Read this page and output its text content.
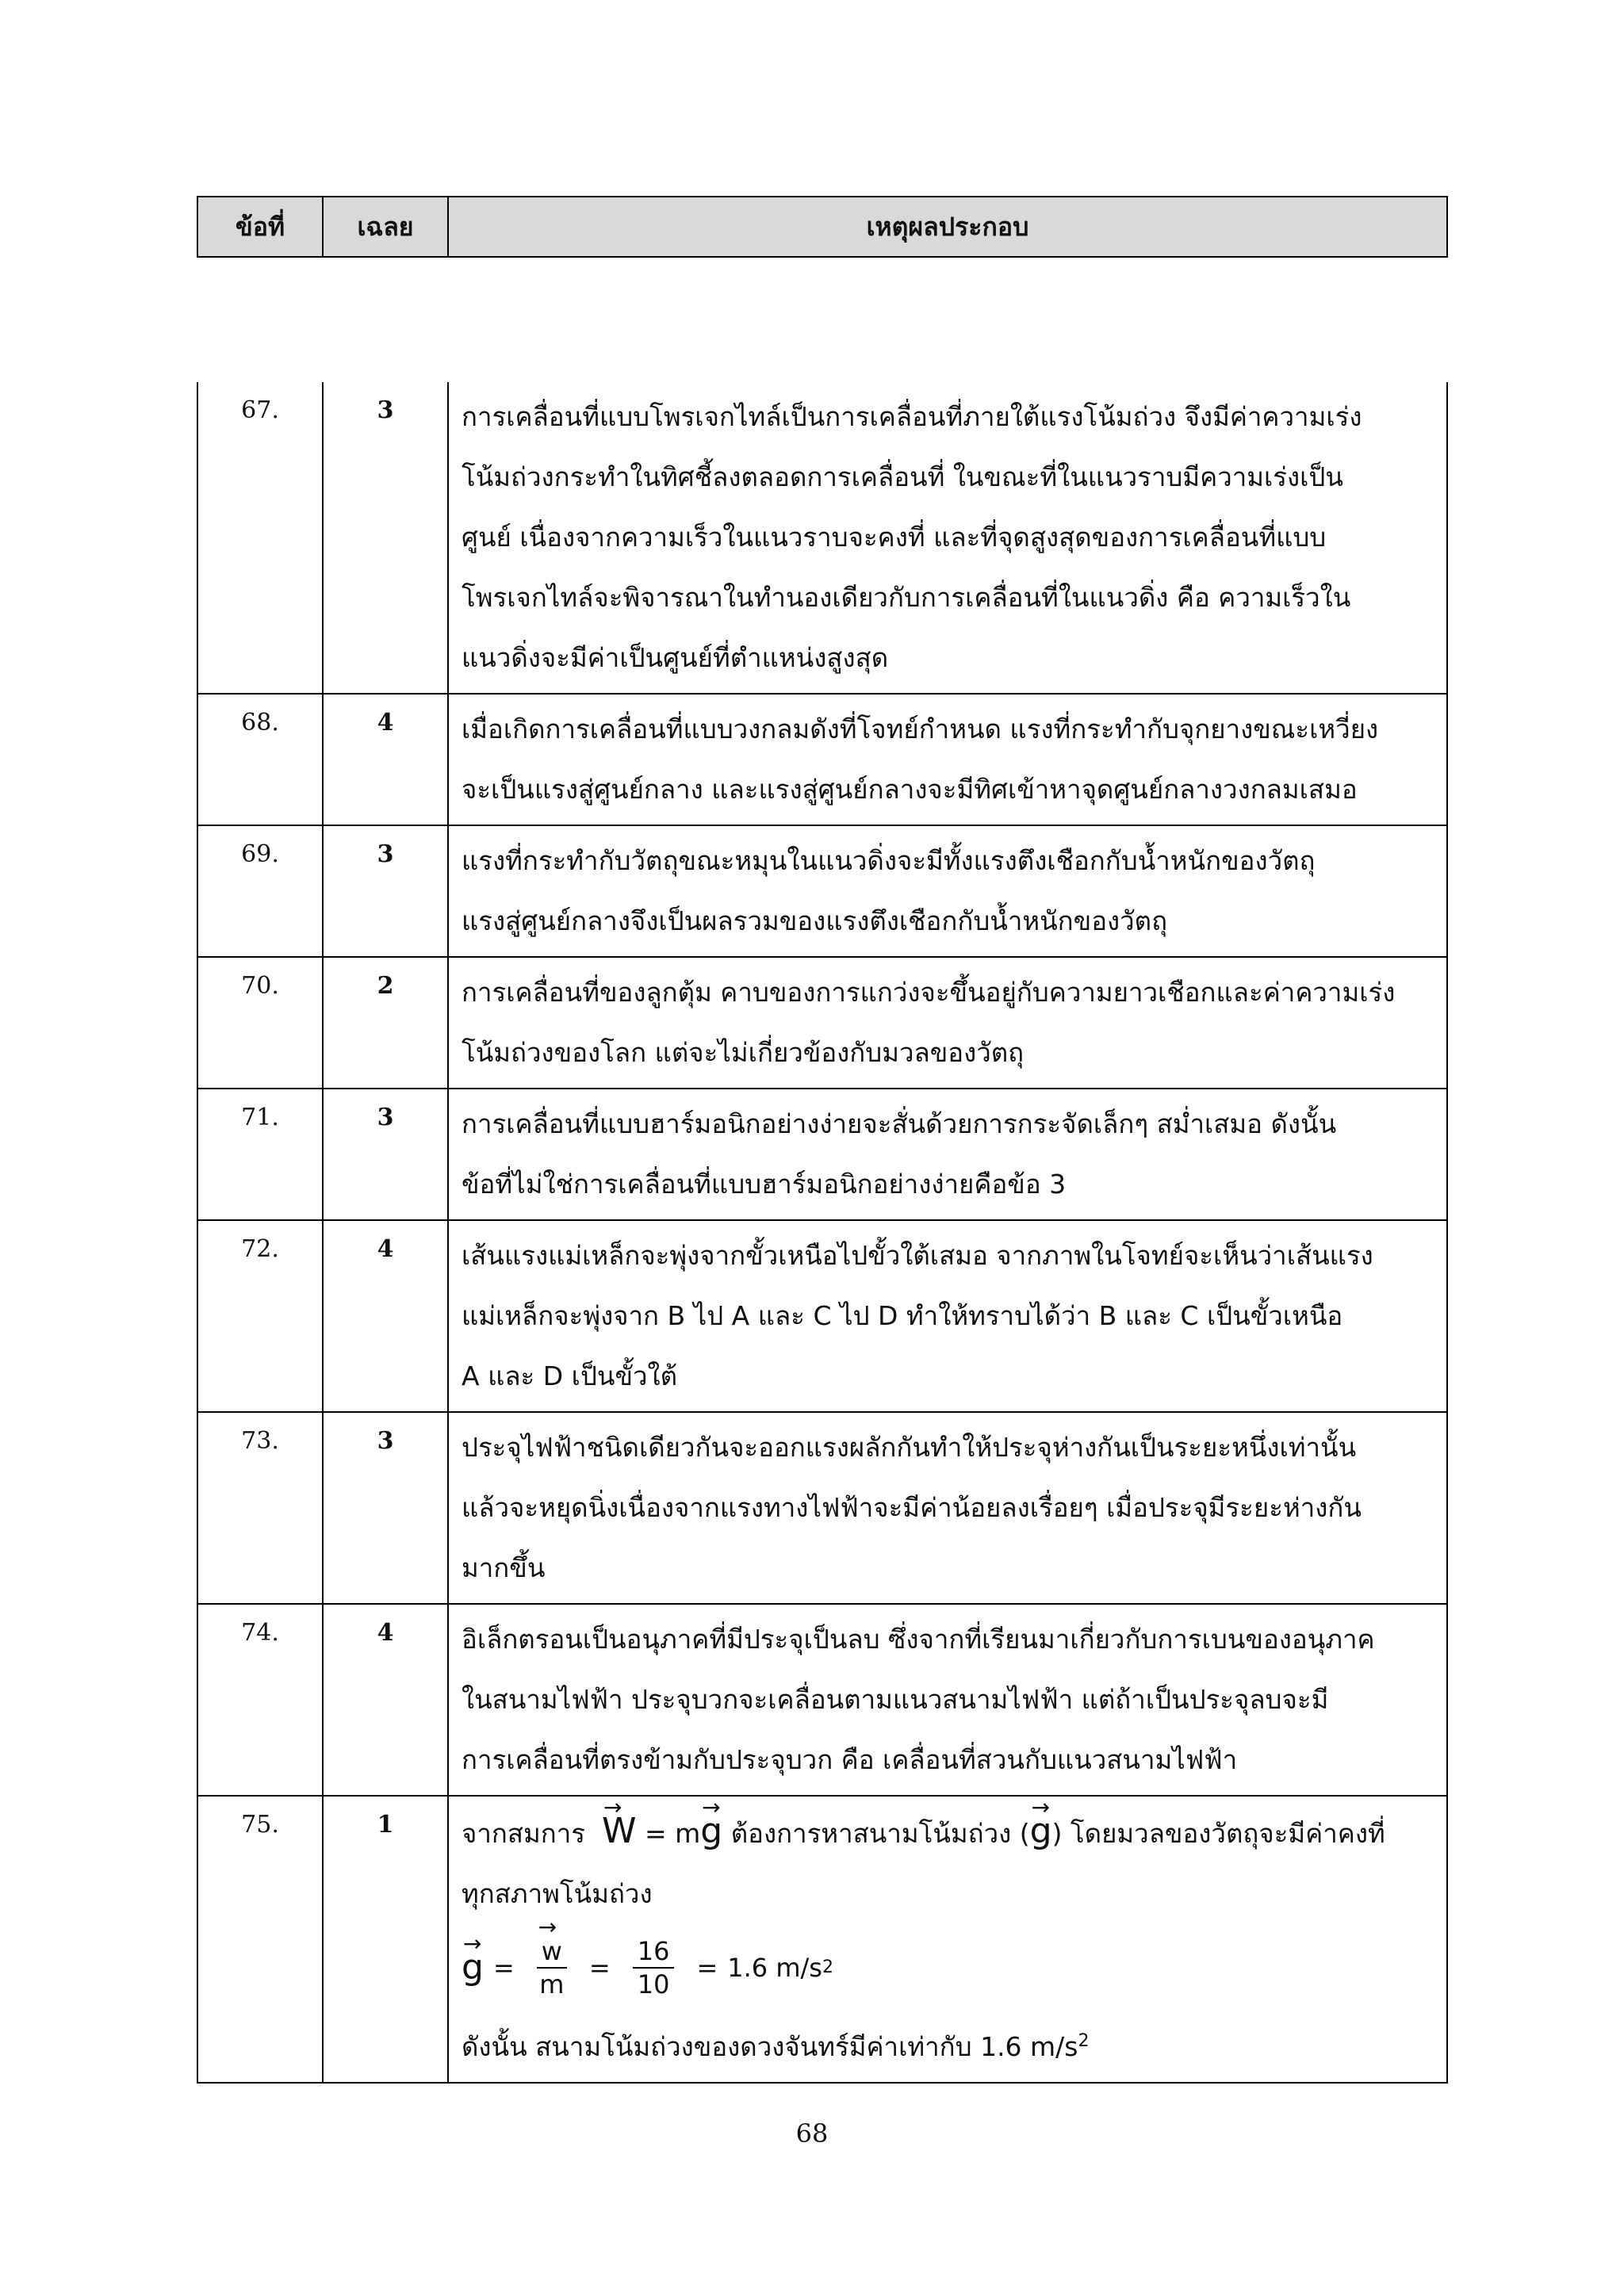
ข้อที่	เฉลย	เหตุผลประกอบ
67.	3	การเคลื่อนที่แบบโพรเจกไทล์เป็นการเคลื่อนที่ภายใต้แรงโน้มถ่วง จึงมีค่าความเร่ง
โน้มถ่วงกระทำในทิศชี้ลงตลอดการเคลื่อนที่ ในขณะที่ในแนวราบมีความเร่งเป็น
ศูนย์ เนื่องจากความเร็วในแนวราบจะคงที่ และที่จุดสูงสุดของการเคลื่อนที่แบบ
โพรเจกไทล์จะพิจารณาในทำนองเดียวกับการเคลื่อนที่ในแนวดิ่ง คือ ความเร็วใน
แนวดิ่งจะมีค่าเป็นศูนย์ที่ตำแหน่งสูงสุด
68.	4	เมื่อเกิดการเคลื่อนที่แบบวงกลมดังที่โจทย์กำหนด แรงที่กระทำกับจุกยางขณะเหวี่ยง
จะเป็นแรงสู่ศูนย์กลาง และแรงสู่ศูนย์กลางจะมีทิศเข้าหาจุดศูนย์กลางวงกลมเสมอ
69.	3	แรงที่กระทำกับวัตถุขณะหมุนในแนวดิ่งจะมีทั้งแรงตึงเชือกกับน้ำหนักของวัตถุ
แรงสู่ศูนย์กลางจึงเป็นผลรวมของแรงตึงเชือกกับน้ำหนักของวัตถุ
70.	2	การเคลื่อนที่ของลูกตุ้ม คาบของการแกว่งจะขึ้นอยู่กับความยาวเชือกและค่าความเร่ง
โน้มถ่วงของโลก แต่จะไม่เกี่ยวข้องกับมวลของวัตถุ
71.	3	การเคลื่อนที่แบบฮาร์มอนิกอย่างง่ายจะสั่นด้วยการกระจัดเล็กๆ สม่ำเสมอ ดังนั้น
ข้อที่ไม่ใช่การเคลื่อนที่แบบฮาร์มอนิกอย่างง่ายคือข้อ 3
72.	4	เส้นแรงแม่เหล็กจะพุ่งจากขั้วเหนือไปขั้วใต้เสมอ จากภาพในโจทย์จะเห็นว่าเส้นแรง
แม่เหล็กจะพุ่งจาก B ไป A และ C ไป D ทำให้ทราบได้ว่า B และ C เป็นขั้วเหนือ
A และ D เป็นขั้วใต้
73.	3	ประจุไฟฟ้าชนิดเดียวกันจะออกแรงผลักกันทำให้ประจุห่างกันเป็นระยะหนึ่งเท่านั้น
แล้วจะหยุดนิ่งเนื่องจากแรงทางไฟฟ้าจะมีค่าน้อยลงเรื่อยๆ เมื่อประจุมีระยะห่างกัน
มากขึ้น
74.	4	อิเล็กตรอนเป็นอนุภาคที่มีประจุเป็นลบ ซึ่งจากที่เรียนมาเกี่ยวกับการเบนของอนุภาค
ในสนามไฟฟ้า ประจุบวกจะเคลื่อนตามแนวสนามไฟฟ้า แต่ถ้าเป็นประจุลบจะมี
การเคลื่อนที่ตรงข้ามกับประจุบวก คือ เคลื่อนที่สวนกับแนวสนามไฟฟ้า
75.	1	จากสมการ → W = m→ g ต้องการหาสนามโน้มถ่วง (→ g) โดยมวลของวัตถุจะมีค่าคงที่
ทุกสภาพโน้มถ่วง
→ g = → $\frac{w}{m} = \frac{16}{10} = 1.6$ m/s 2
ดังนั้น สนามโน้มถ่วงของดวงจันทร์มีค่าเท่ากับ 1.6 $m/s^2$
68
